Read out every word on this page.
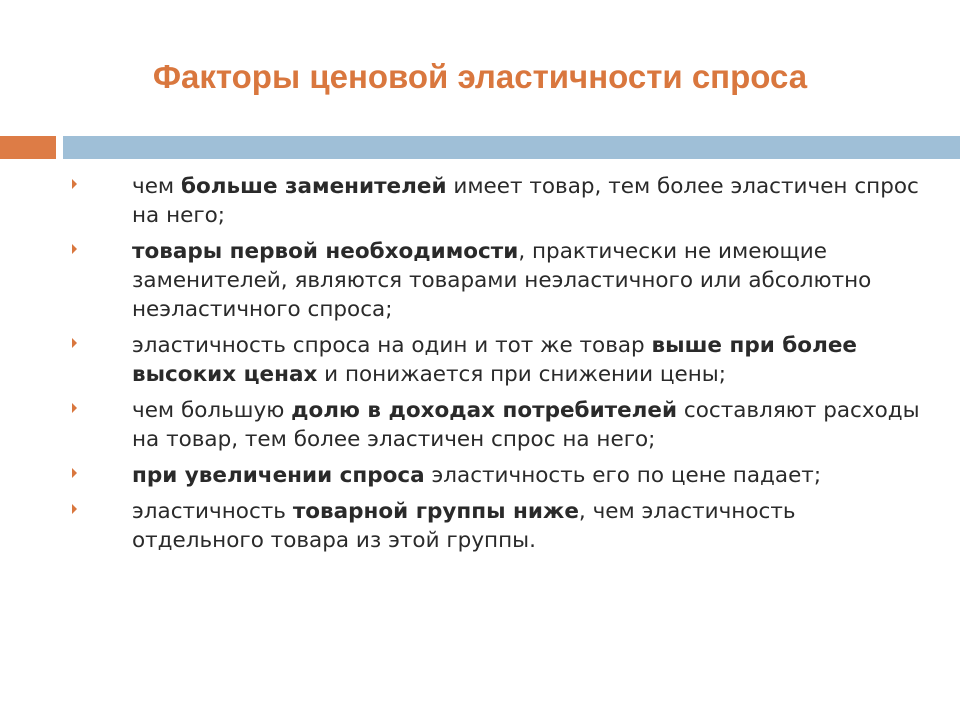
Факторы ценовой эластичности спроса
чем больше заменителей имеет товар, тем более эластичен спрос на него;
товары первой необходимости, практически не имеющие заменителей, являются товарами неэластичного или абсолютно неэластичного спроса;
эластичность спроса на один и тот же товар выше при более высоких ценах и понижается при снижении цены;
чем большую долю в доходах потребителей составляют расходы на товар, тем более эластичен спрос на него;
при увеличении спроса эластичность его по цене падает;
эластичность товарной группы ниже, чем эластичность отдельного товара из этой группы.
